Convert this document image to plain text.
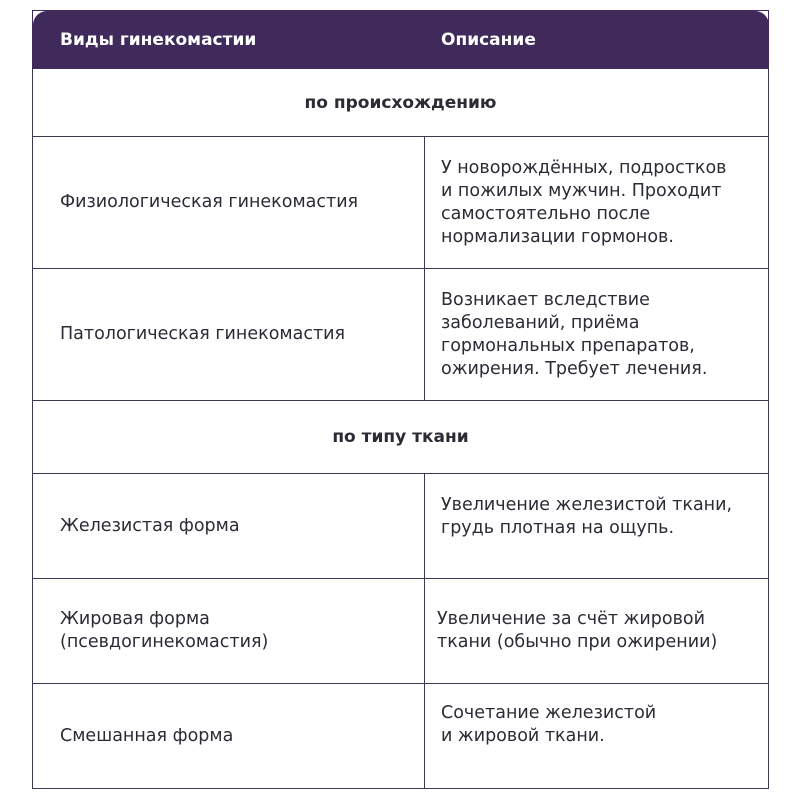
Виды гинекомастии	Описание
по происхождению	

Физиологическая гинекомастия	У новорождённых, подростков
и пожилых мужчин. Проходит
самостоятельно после
нормализации гормонов.

Патологическая гинекомастия	Возникает вследствие
заболеваний, приёма
гормональных препаратов,
ожирения. Требует лечения.

по типу ткани	

Железистая форма	Увеличение железистой ткани,
грудь плотная на ощупь.

Жировая форма
(псевдогинекомастия)	Увеличение за счёт жировой
ткани (обычно при ожирении)

Смешанная форма	Сочетание железистой
и жировой ткани.
